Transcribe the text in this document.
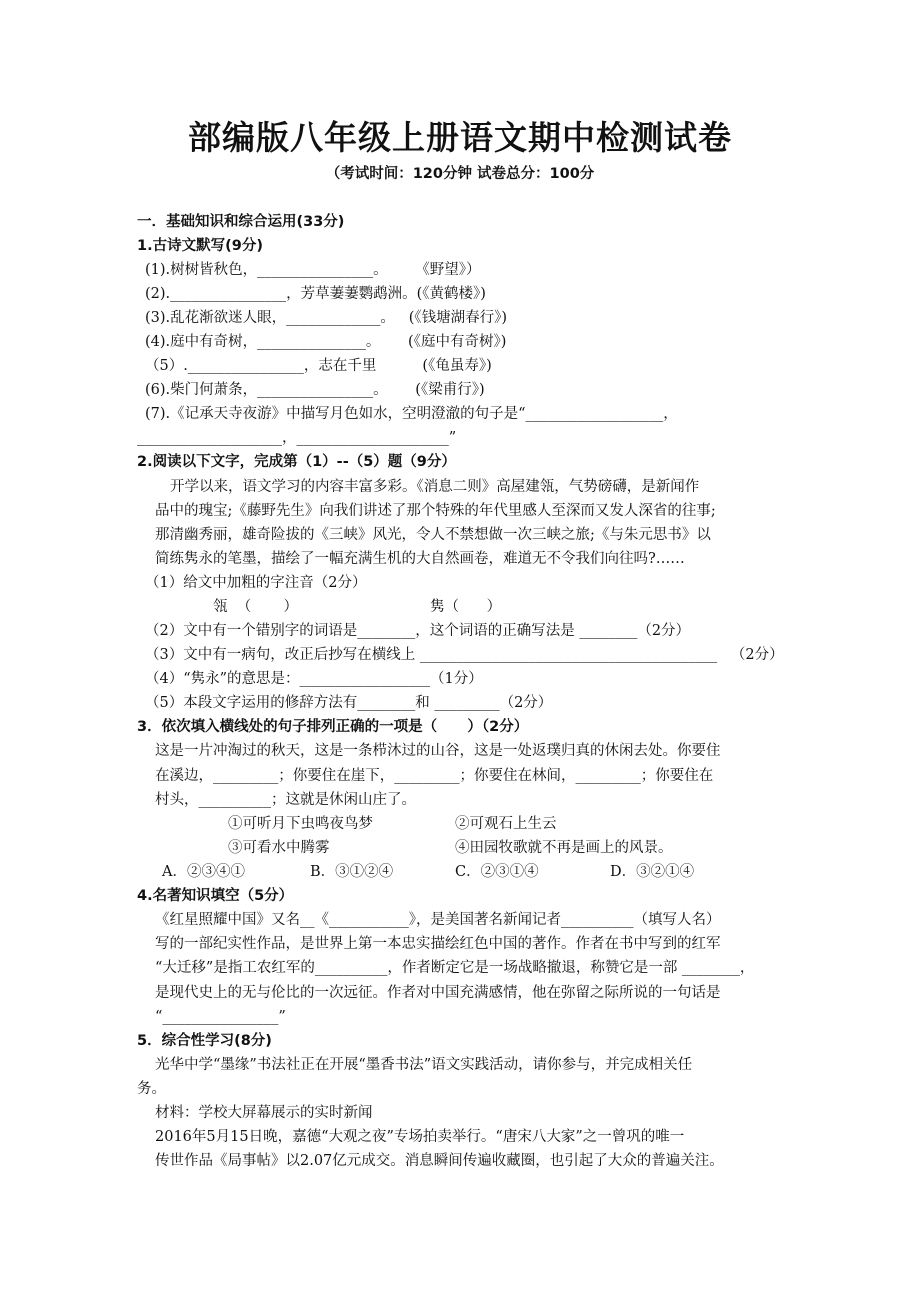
部编版八年级上册语文期中检测试卷
（考试时间：120分钟 试卷总分：100分
一．基础知识和综合运用(33分)
1.古诗文默写(9分)
(1).树树皆秋色，________________。      《野望》）
(2).________________，芳草萋萋鹦鹉洲。(《黄鹤楼》)
(3).乱花渐欲迷人眼，_____________。   (《钱塘湖春行》)
(4).庭中有奇树，_______________。      (《庭中有奇树》)
（5）.________________，志在千里          (《龟虽寿》)
(6).柴门何萧条，________________。      (《梁甫行》)
(7).《记承天寺夜游》中描写月色如水，空明澄澈的句子是“___________________，
____________________，_____________________”
2.阅读以下文字，完成第（1）--（5）题（9分）
开学以来，语文学习的内容丰富多彩。《消息二则》高屋建瓴，气势磅礴，是新闻作
品中的瑰宝;《藤野先生》向我们讲述了那个特殊的年代里感人至深而又发人深省的往事;
那清幽秀丽，雄奇险拔的《三峡》风光，令人不禁想做一次三峡之旅;《与朱元思书》以
简练隽永的笔墨，描绘了一幅充满生机的大自然画卷，难道无不令我们向往吗?……
（1）给文中加粗的字注音（2分）
瓴  （       ）	隽（      ）
（2）文中有一个错别字的词语是________，这个词语的正确写法是 ________（2分）
（3）文中有一病句，改正后抄写在横线上 _________________________________________   （2分）
（4）“隽永”的意思是：__________________（1分）
（5）本段文字运用的修辞方法有________和 _________（2分）
3．依次填入横线处的句子排列正确的一项是（      ）（2分）
这是一片冲淘过的秋天，这是一条栉沐过的山谷，这是一处返璞归真的休闲去处。你要住
在溪边，_________；你要住在崖下，_________；你要住在林间，_________；你要住在
村头，__________；这就是休闲山庄了。
①可听月下虫鸣夜鸟梦	②可观石上生云
③可看水中腾雾	④田园牧歌就不再是画上的风景。
A．②③④①	B．③①②④	C．②③①④	D．③②①④
4.名著知识填空（5分）
《红星照耀中国》又名__《___________》，是美国著名新闻记者__________（填写人名）
写的一部纪实性作品，是世界上第一本忠实描绘红色中国的著作。作者在书中写到的红军
“大迁移”是指工农红军的__________，作者断定它是一场战略撤退，称赞它是一部 ________，
是现代史上的无与伦比的一次远征。作者对中国充满感情，他在弥留之际所说的一句话是
“________________”
5．综合性学习(8分)
光华中学“墨缘”书法社正在开展“墨香书法”语文实践活动，请你参与，并完成相关任
务。
材料：学校大屏幕展示的实时新闻
2016年5月15日晚，嘉德“大观之夜”专场拍卖举行。“唐宋八大家”之一曾巩的唯一
传世作品《局事帖》以2.07亿元成交。消息瞬间传遍收藏圈，也引起了大众的普遍关注。
